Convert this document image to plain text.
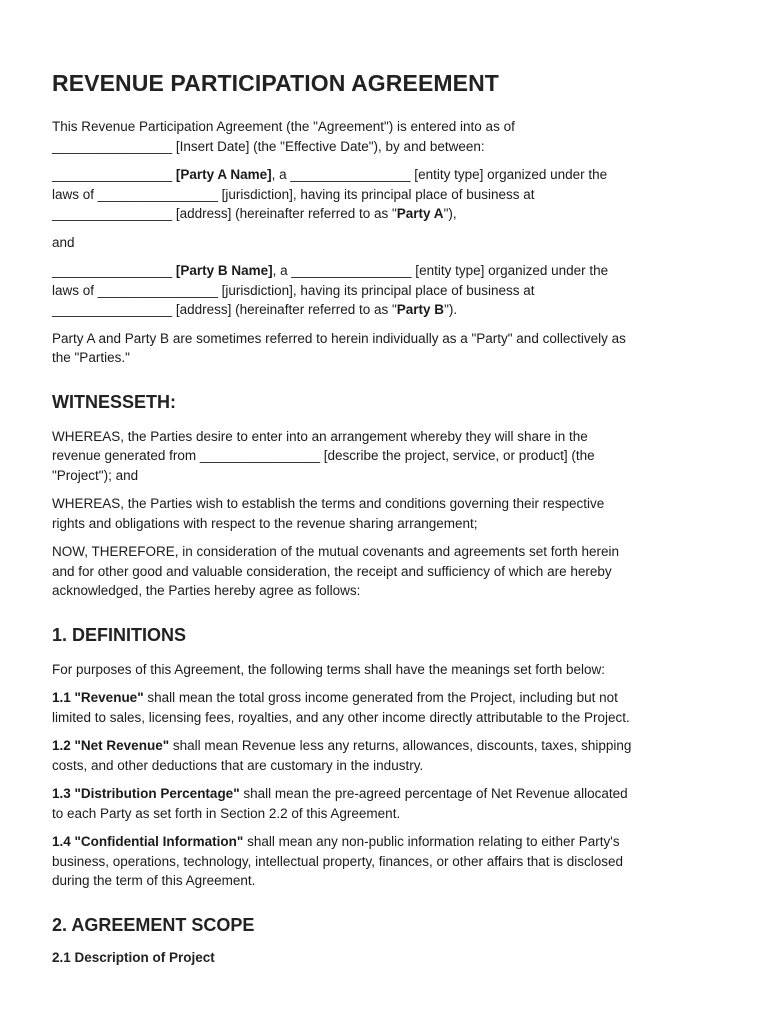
REVENUE PARTICIPATION AGREEMENT

This Revenue Participation Agreement (the "Agreement") is entered into as of
________________ [Insert Date] (the "Effective Date"), by and between:

________________ [Party A Name], a ________________ [entity type] organized under the
laws of ________________ [jurisdiction], having its principal place of business at
________________ [address] (hereinafter referred to as "Party A"),

and

________________ [Party B Name], a ________________ [entity type] organized under the
laws of ________________ [jurisdiction], having its principal place of business at
________________ [address] (hereinafter referred to as "Party B").

Party A and Party B are sometimes referred to herein individually as a "Party" and collectively as
the "Parties."

WITNESSETH:

WHEREAS, the Parties desire to enter into an arrangement whereby they will share in the
revenue generated from ________________ [describe the project, service, or product] (the
"Project"); and

WHEREAS, the Parties wish to establish the terms and conditions governing their respective
rights and obligations with respect to the revenue sharing arrangement;

NOW, THEREFORE, in consideration of the mutual covenants and agreements set forth herein
and for other good and valuable consideration, the receipt and sufficiency of which are hereby
acknowledged, the Parties hereby agree as follows:

1. DEFINITIONS

For purposes of this Agreement, the following terms shall have the meanings set forth below:

1.1 "Revenue" shall mean the total gross income generated from the Project, including but not
limited to sales, licensing fees, royalties, and any other income directly attributable to the Project.

1.2 "Net Revenue" shall mean Revenue less any returns, allowances, discounts, taxes, shipping
costs, and other deductions that are customary in the industry.

1.3 "Distribution Percentage" shall mean the pre-agreed percentage of Net Revenue allocated
to each Party as set forth in Section 2.2 of this Agreement.

1.4 "Confidential Information" shall mean any non-public information relating to either Party's
business, operations, technology, intellectual property, finances, or other affairs that is disclosed
during the term of this Agreement.

2. AGREEMENT SCOPE
2.1 Description of Project
